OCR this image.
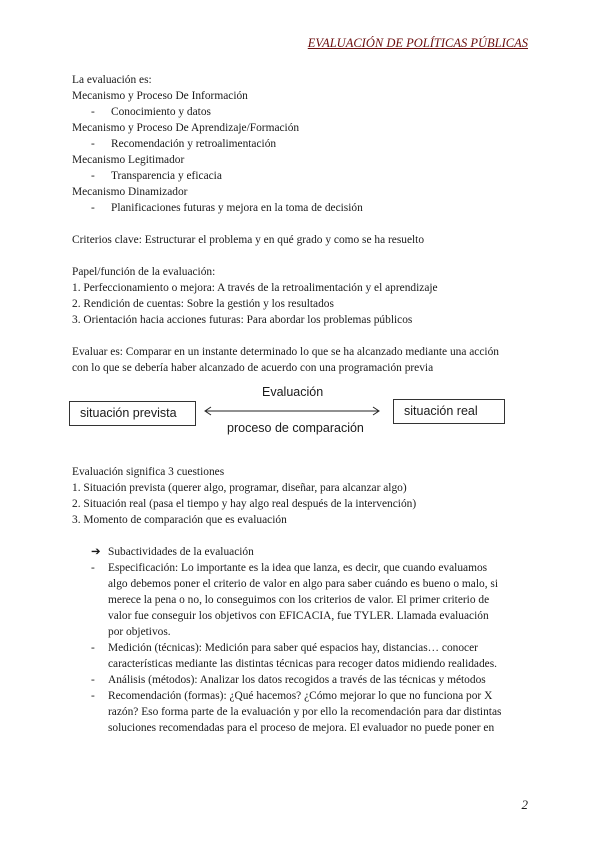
EVALUACIÓN DE POLÍTICAS PÚBLICAS
La evaluación es:
Mecanismo y Proceso De Información
- Conocimiento y datos
Mecanismo y Proceso De Aprendizaje/Formación
- Recomendación y retroalimentación
Mecanismo Legitimador
- Transparencia y eficacia
Mecanismo Dinamizador
- Planificaciones futuras y mejora en la toma de decisión
Criterios clave: Estructurar el problema y en qué grado y como se ha resuelto
Papel/función de la evaluación:
1. Perfeccionamiento o mejora: A través de la retroalimentación y el aprendizaje
2. Rendición de cuentas: Sobre la gestión y los resultados
3. Orientación hacia acciones futuras: Para abordar los problemas públicos
Evaluar es: Comparar en un instante determinado lo que se ha alcanzado mediante una acción
con lo que se debería haber alcanzado de acuerdo con una programación previa
Evaluación
situación prevista	situación real
proceso de comparación
Evaluación significa 3 cuestiones
1. Situación prevista (querer algo, programar, diseñar, para alcanzar algo)
2. Situación real (pasa el tiempo y hay algo real después de la intervención)
3. Momento de comparación que es evaluación
➔ Subactividades de la evaluación
- Especificación: Lo importante es la idea que lanza, es decir, que cuando evaluamos
algo debemos poner el criterio de valor en algo para saber cuándo es bueno o malo, si
merece la pena o no, lo conseguimos con los criterios de valor. El primer criterio de
valor fue conseguir los objetivos con EFICACIA, fue TYLER. Llamada evaluación
por objetivos.
- Medición (técnicas): Medición para saber qué espacios hay, distancias… conocer
características mediante las distintas técnicas para recoger datos midiendo realidades.
- Análisis (métodos): Analizar los datos recogidos a través de las técnicas y métodos
- Recomendación (formas): ¿Qué hacemos? ¿Cómo mejorar lo que no funciona por X
razón? Eso forma parte de la evaluación y por ello la recomendación para dar distintas
soluciones recomendadas para el proceso de mejora. El evaluador no puede poner en
2
